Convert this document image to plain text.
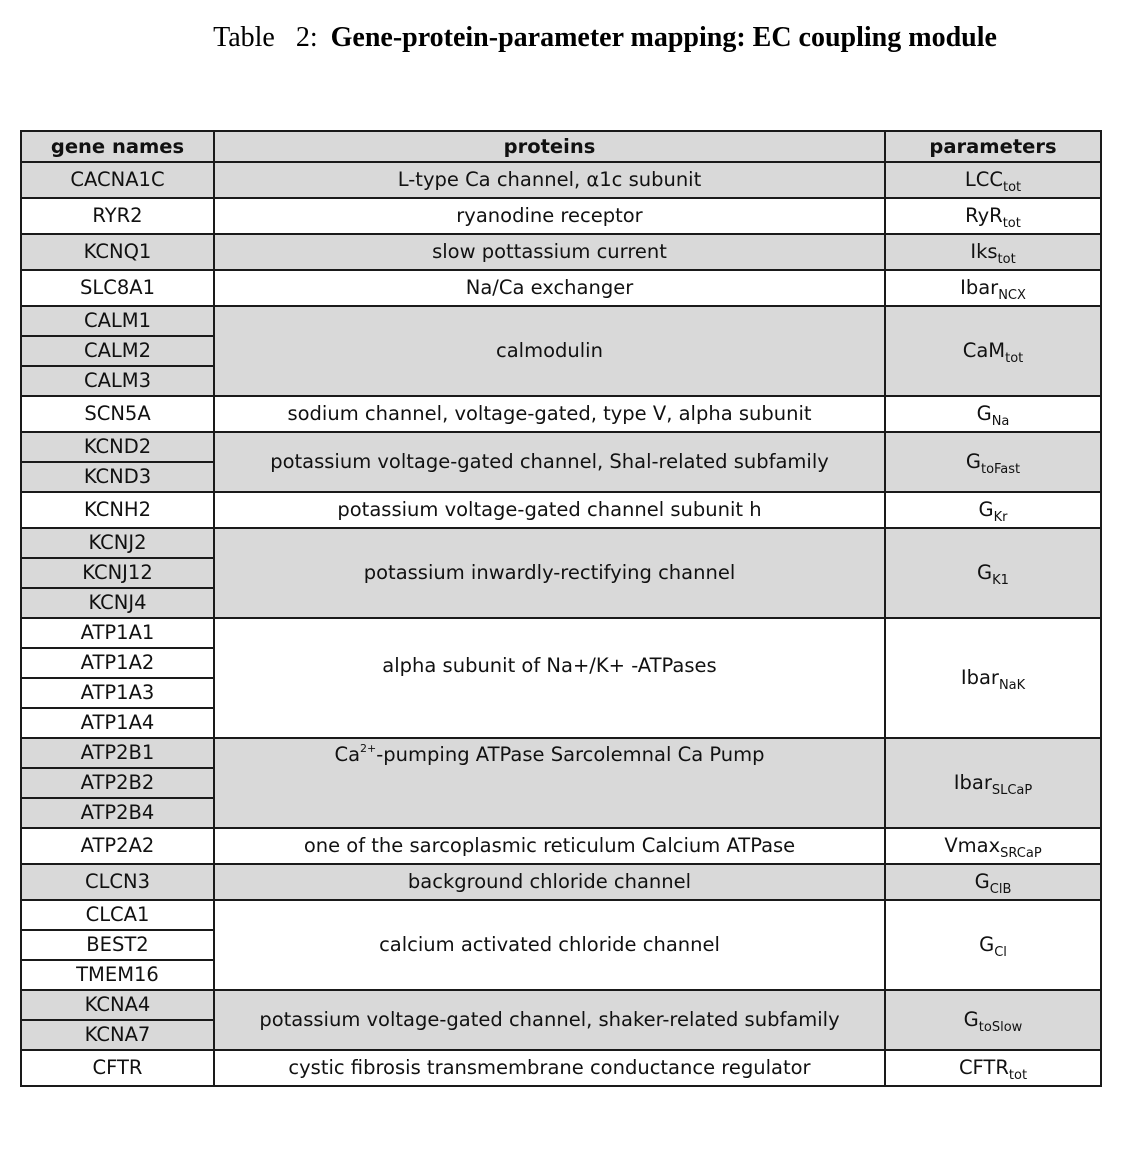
Table   2: Gene-protein-parameter mapping: EC coupling module
gene names	proteins	parameters
CACNA1C	L-type Ca channel, α1c subunit	$LCC_{tot}$
RYR2	ryanodine receptor	RyR$_{tot}$
KCNQ1	slow pottassium current	Iks$_{tot}$
SLC8A1	Na/Ca exchanger	Ibar$_{NCX}$
CALM1	calmodulin	CaM$_{tot}$
CALM2		
CALM3		
SCN5A	sodium channel, voltage-gated, type V, alpha subunit	$G_{Na}$
KCND2	potassium voltage-gated channel, Shal-related subfamily	$G_{toFast}$
KCND3		
KCNH2	potassium voltage-gated channel subunit h	$G_{Kr}$
KCNJ2	potassium inwardly-rectifying channel	$G_{K1}$
KCNJ12		
KCNJ4		
ATP1A1	alpha subunit of Na+/K+ -ATPases	Ibar$_{NaK}$
ATP1A2		
ATP1A3		
ATP1A4		
ATP2B1	$Ca^{2+}$-pumping ATPase Sarcolemnal Ca Pump	Ibar$_{SLCaP}$
ATP2B2		
ATP2B4		
ATP2A2	one of the sarcoplasmic reticulum Calcium ATPase	Vmax$_{SRCaP}$
CLCN3	background chloride channel	$G_{ClB}$
CLCA1	calcium activated chloride channel	$G_{Cl}$
BEST2		
TMEM16		
KCNA4	potassium voltage-gated channel, shaker-related subfamily	$G_{toSlow}$
KCNA7		
CFTR	cystic fibrosis transmembrane conductance regulator	$CFTR_{tot}$
